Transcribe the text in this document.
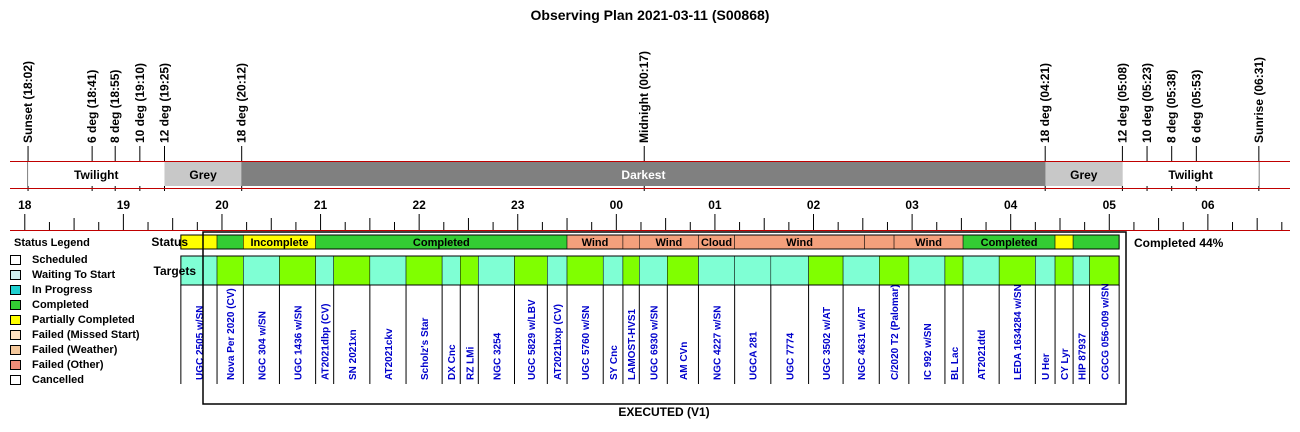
Observing Plan 2021-03-11 (S00868)
Sunset (18:02)	6 deg (18:41) 8 deg (18:55) 10 deg (19:10) 12 deg (19:25)	18 deg (20:12)	Midnight (00:17)	18 deg (04:21)	12 deg (05:08) 10 deg (05:23) 8 deg (05:38) 6 deg (05:53)	Sunrise (06:31)
Twilight	Grey	Darkest	Grey	Twilight
18	19	20	21	22	23	00	01	02	03	04	05	06
Incomplete	Completed	Wind	Wind Cloud	Wind	Wind	Completed
UGC 2505 w/SN Nova Per 2020 (CV) NGC 304 w/SN	UGC 1436 w/SN AT2021dbp (CV) SN 2021xn	AT2021ckv	Scholz's Star DX Cnc RZ LMi NGC 3254 UGC 5829 w/LBV AT2021bxp (CV) UGC 5760 w/SN SY Cnc LAMOST-HVS1 UGC 6930 w/SN AM CVn NGC 4227 w/SN	UGCA 281	UGC 7774	UGC 3502 w/AT NGC 4631 w/AT C/2020 T2 (Palomar) IC 992 w/SN BL Lac AT2021dtd	LEDA 1634284 w/SN U Her CY Lyr HIP 87937 CGCG 056-009 w/SN
Status
Targets
Completed 44%
EXECUTED (V1)
Status Legend
Scheduled
Waiting To Start
In Progress
Completed
Partially Completed
Failed (Missed Start)
Failed (Weather)
Failed (Other)
Cancelled
